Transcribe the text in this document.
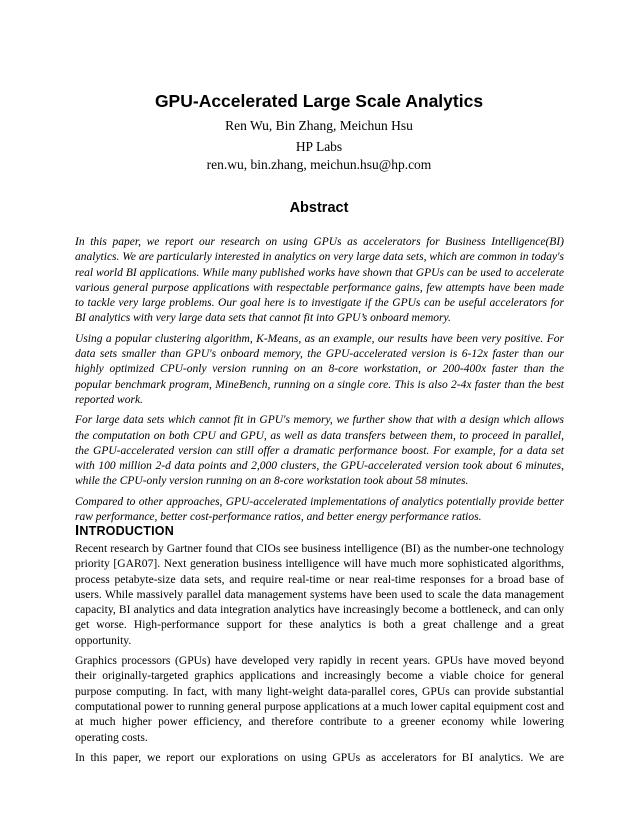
GPU-Accelerated Large Scale Analytics
Ren Wu, Bin Zhang, Meichun Hsu
HP Labs
ren.wu, bin.zhang, meichun.hsu@hp.com
Abstract

In this paper, we report our research on using GPUs as accelerators for Business Intelligence(BI) analytics. We are particularly interested in analytics on very large data sets, which are common in today's real world BI applications. While many published works have shown that GPUs can be used to accelerate various general purpose applications with respectable performance gains, few attempts have been made to tackle very large problems. Our goal here is to investigate if the GPUs can be useful accelerators for BI analytics with very large data sets that cannot fit into GPU’s onboard memory.

Using a popular clustering algorithm, K-Means, as an example, our results have been very positive. For data sets smaller than GPU's onboard memory, the GPU-accelerated version is 6-12x faster than our highly optimized CPU-only version running on an 8-core workstation, or 200-400x faster than the popular benchmark program, MineBench, running on a single core. This is also 2-4x faster than the best reported work.

For large data sets which cannot fit in GPU's memory, we further show that with a design which allows the computation on both CPU and GPU, as well as data transfers between them, to proceed in parallel, the GPU-accelerated version can still offer a dramatic performance boost. For example, for a data set with 100 million 2-d data points and 2,000 clusters, the GPU-accelerated version took about 6 minutes, while the CPU-only version running on an 8-core workstation took about 58 minutes.

Compared to other approaches, GPU-accelerated implementations of analytics potentially provide better raw performance, better cost-performance ratios, and better energy performance ratios.

INTRODUCTION

Recent research by Gartner found that CIOs see business intelligence (BI) as the number-one technology priority [GAR07]. Next generation business intelligence will have much more sophisticated algorithms, process petabyte-size data sets, and require real-time or near real-time responses for a broad base of users. While massively parallel data management systems have been used to scale the data management capacity, BI analytics and data integration analytics have increasingly become a bottleneck, and can only get worse. High-performance support for these analytics is both a great challenge and a great opportunity.

Graphics processors (GPUs) have developed very rapidly in recent years. GPUs have moved beyond their originally-targeted graphics applications and increasingly become a viable choice for general purpose computing. In fact, with many light-weight data-parallel cores, GPUs can provide substantial computational power to running general purpose applications at a much lower capital equipment cost and at much higher power efficiency, and therefore contribute to a greener economy while lowering operating costs.

In this paper, we report our explorations on using GPUs as accelerators for BI analytics. We are
